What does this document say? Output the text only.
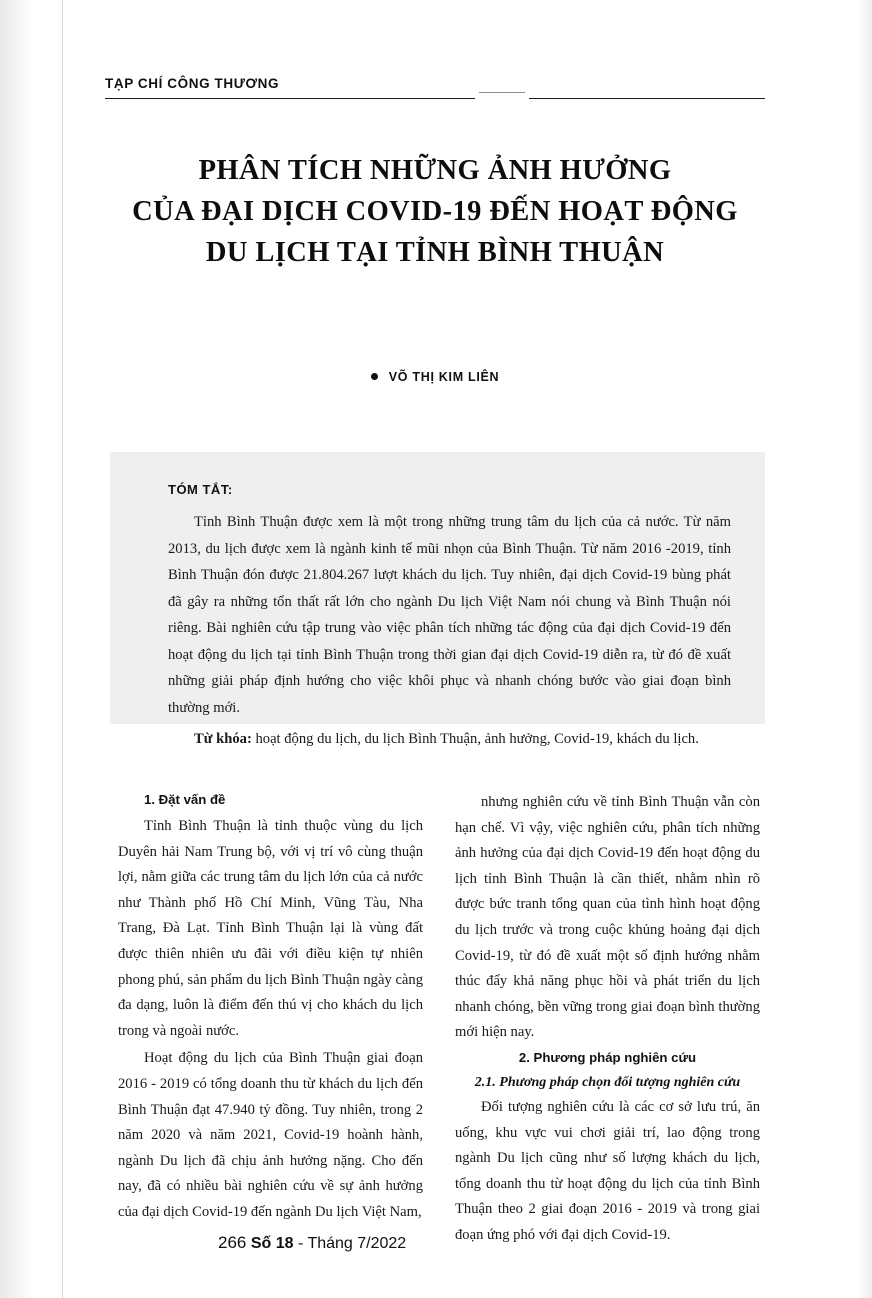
TẠP CHÍ CÔNG THƯƠNG
PHÂN TÍCH NHỮNG ẢNH HƯỞNG
CỦA ĐẠI DỊCH COVID-19 ĐẾN HOẠT ĐỘNG
DU LỊCH TẠI TỈNH BÌNH THUẬN
VÕ THỊ KIM LIÊN
TÓM TẮT:
Tỉnh Bình Thuận được xem là một trong những trung tâm du lịch của cả nước. Từ năm 2013, du lịch được xem là ngành kinh tế mũi nhọn của Bình Thuận. Từ năm 2016 -2019, tỉnh Bình Thuận đón được 21.804.267 lượt khách du lịch. Tuy nhiên, đại dịch Covid-19 bùng phát đã gây ra những tổn thất rất lớn cho ngành Du lịch Việt Nam nói chung và Bình Thuận nói riêng. Bài nghiên cứu tập trung vào việc phân tích những tác động của đại dịch Covid-19 đến hoạt động du lịch tại tỉnh Bình Thuận trong thời gian đại dịch Covid-19 diễn ra, từ đó đề xuất những giải pháp định hướng cho việc khôi phục và nhanh chóng bước vào giai đoạn bình thường mới.
Từ khóa: hoạt động du lịch, du lịch Bình Thuận, ảnh hưởng, Covid-19, khách du lịch.
1. Đặt vấn đề

Tỉnh Bình Thuận là tỉnh thuộc vùng du lịch Duyên hải Nam Trung bộ, với vị trí vô cùng thuận lợi, nằm giữa các trung tâm du lịch lớn của cả nước như Thành phố Hồ Chí Minh, Vũng Tàu, Nha Trang, Đà Lạt. Tỉnh Bình Thuận lại là vùng đất được thiên nhiên ưu đãi với điều kiện tự nhiên phong phú, sản phẩm du lịch Bình Thuận ngày càng đa dạng, luôn là điểm đến thú vị cho khách du lịch trong và ngoài nước.

Hoạt động du lịch của Bình Thuận giai đoạn 2016 - 2019 có tổng doanh thu từ khách du lịch đến Bình Thuận đạt 47.940 tỷ đồng. Tuy nhiên, trong 2 năm 2020 và năm 2021, Covid-19 hoành hành, ngành Du lịch đã chịu ảnh hưởng nặng. Cho đến nay, đã có nhiều bài nghiên cứu về sự ảnh hưởng của đại dịch Covid-19 đến ngành Du lịch Việt Nam,

nhưng nghiên cứu về tỉnh Bình Thuận vẫn còn hạn chế. Vì vậy, việc nghiên cứu, phân tích những ảnh hưởng của đại dịch Covid-19 đến hoạt động du lịch tỉnh Bình Thuận là cần thiết, nhằm nhìn rõ được bức tranh tổng quan của tình hình hoạt động du lịch trước và trong cuộc khủng hoảng đại dịch Covid-19, từ đó đề xuất một số định hướng nhằm thúc đẩy khả năng phục hồi và phát triển du lịch nhanh chóng, bền vững trong giai đoạn bình thường mới hiện nay.

2. Phương pháp nghiên cứu
2.1. Phương pháp chọn đối tượng nghiên cứu

Đối tượng nghiên cứu là các cơ sở lưu trú, ăn uống, khu vực vui chơi giải trí, lao động trong ngành Du lịch cũng như số lượng khách du lịch, tổng doanh thu từ hoạt động du lịch của tỉnh Bình Thuận theo 2 giai đoạn 2016 - 2019 và trong giai đoạn ứng phó với đại dịch Covid-19.

266 Số 18 - Tháng 7/2022
